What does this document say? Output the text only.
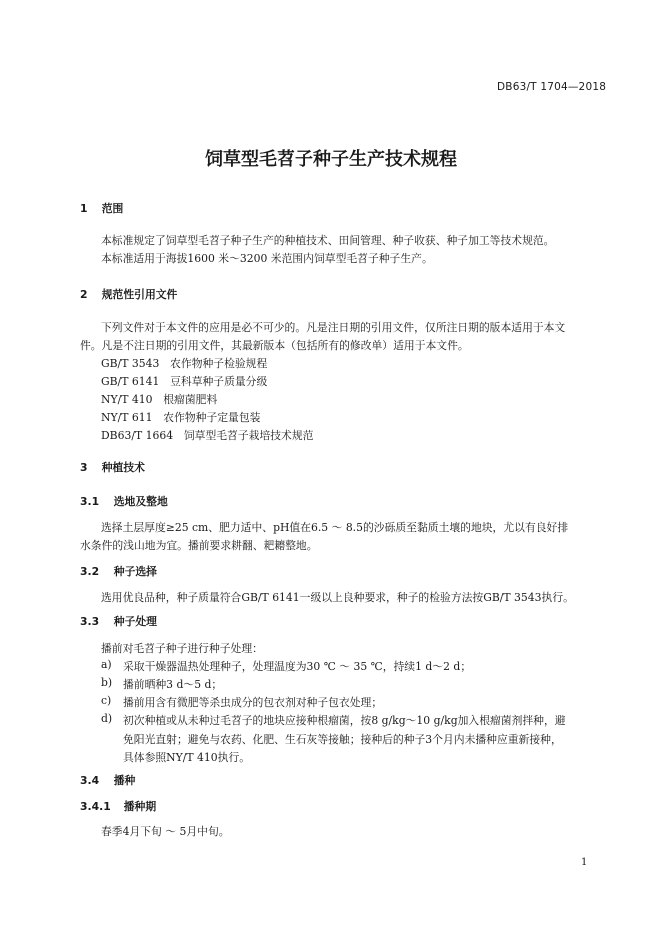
DB63/T 1704—2018
饲草型毛苕子种子生产技术规程
1 范围
本标准规定了饲草型毛苕子种子生产的种植技术、田间管理、种子收获、种子加工等技术规范。
本标准适用于海拔1600 米～3200 米范围内饲草型毛苕子种子生产。
2 规范性引用文件
下列文件对于本文件的应用是必不可少的。凡是注日期的引用文件，仅所注日期的版本适用于本文
件。凡是不注日期的引用文件，其最新版本（包括所有的修改单）适用于本文件。
GB/T 3543　农作物种子检验规程
GB/T 6141　豆科草种子质量分级
NY/T 410　根瘤菌肥料
NY/T 611　农作物种子定量包装
DB63/T 1664　饲草型毛苕子栽培技术规范
3 种植技术
3.1 选地及整地
选择土层厚度≥25 cm、肥力适中、pH值在6.5 ～ 8.5的沙砾质至黏质土壤的地块，尤以有良好排
水条件的浅山地为宜。播前要求耕翻、耙耱整地。
3.2 种子选择
选用优良品种，种子质量符合GB/T 6141一级以上良种要求，种子的检验方法按GB/T 3543执行。
3.3 种子处理
播前对毛苕子种子进行种子处理：
a) 采取干燥器温热处理种子，处理温度为30 ℃ ～ 35 ℃，持续1 d～2 d；
b) 播前晒种3 d～5 d；
c) 播前用含有微肥等杀虫成分的包衣剂对种子包衣处理；
d) 初次种植或从未种过毛苕子的地块应接种根瘤菌，按8 g/kg～10 g/kg加入根瘤菌剂拌种，避
免阳光直射；避免与农药、化肥、生石灰等接触；接种后的种子3个月内未播种应重新接种，
具体参照NY/T 410执行。
3.4 播种
3.4.1 播种期
春季4月下旬 ～ 5月中旬。
1
